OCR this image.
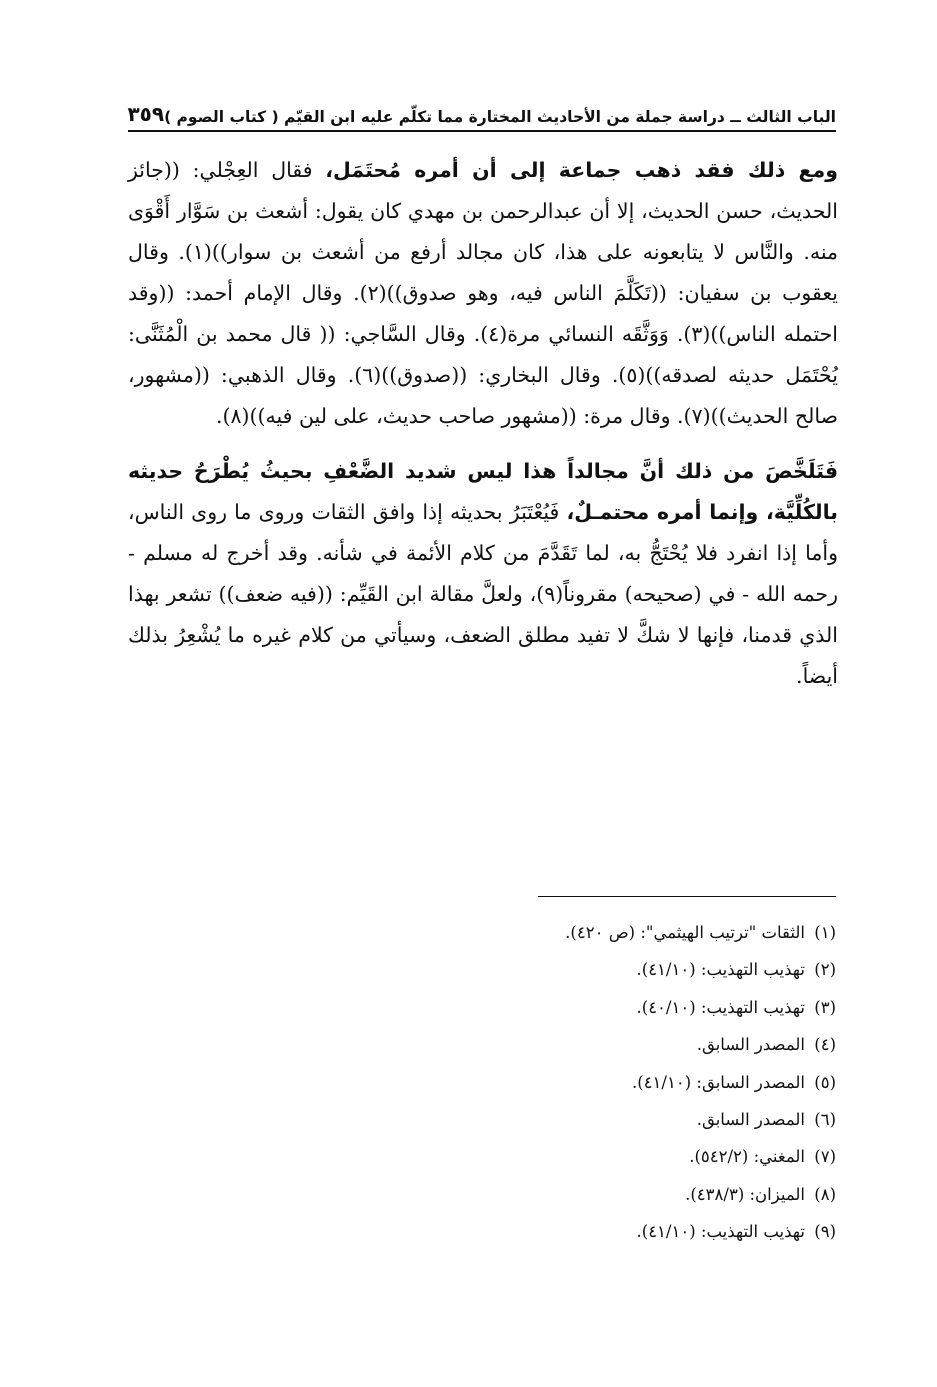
الباب الثالث ــ دراسة جملة من الأحاديث المختارة مما تكلّم عليه ابن القيّم ( كتاب الصوم )
٣٥٩

ومع ذلك فقد ذهب جماعة إلى أن أمره مُحتَمَل، فقال العِجْلي: ((جائز الحديث، حسن الحديث، إلا أن عبدالرحمن بن مهدي كان يقول: أشعث بن سَوَّار أَقْوَى منه. والنَّاس لا يتابعونه على هذا، كان مجالد أرفع من أشعث بن سوار))(١). وقال يعقوب بن سفيان: ((تَكَلَّمَ الناس فيه، وهو صدوق))(٢). وقال الإمام أحمد: ((وقد احتمله الناس))(٣). وَوَثَّقَه النسائي مرة(٤). وقال السَّاجي: (( قال محمد بن الْمُثَنَّى: يُحْتَمَل حديثه لصدقه))(٥). وقال البخاري: ((صدوق))(٦). وقال الذهبي: ((مشهور، صالح الحديث))(٧). وقال مرة: ((مشهور صاحب حديث، على لين فيه))(٨).

فَتَلَخَّصَ من ذلك أنَّ مجالداً هذا ليس شديد الضَّعْفِ بحيثُ يُطْرَحُ حديثه بالكُلِّيَّة، وإنما أمره محتمـلٌ، فَيُعْتَبَرُ بحديثه إذا وافق الثقات وروى ما روى الناس، وأما إذا انفرد فلا يُحْتَجُّ به، لما تَقَدَّمَ من كلام الأئمة في شأنه. وقد أخرج له مسلم - رحمه الله - في (صحيحه) مقروناً(٩)، ولعلَّ مقالة ابن القَيِّم: ((فيه ضعف)) تشعر بهذا الذي قدمنا، فإنها لا شكَّ لا تفيد مطلق الضعف، وسيأتي من كلام غيره ما يُشْعِرُ بذلك أيضاً.

(١) الثقات "ترتيب الهيثمي": (ص ٤٢٠).
(٢) تهذيب التهذيب: (٤١/١٠).
(٣) تهذيب التهذيب: (٤٠/١٠).
(٤) المصدر السابق.
(٥) المصدر السابق: (٤١/١٠).
(٦) المصدر السابق.
(٧) المغني: (٥٤٢/٢).
(٨) الميزان: (٤٣٨/٣).
(٩) تهذيب التهذيب: (٤١/١٠).
